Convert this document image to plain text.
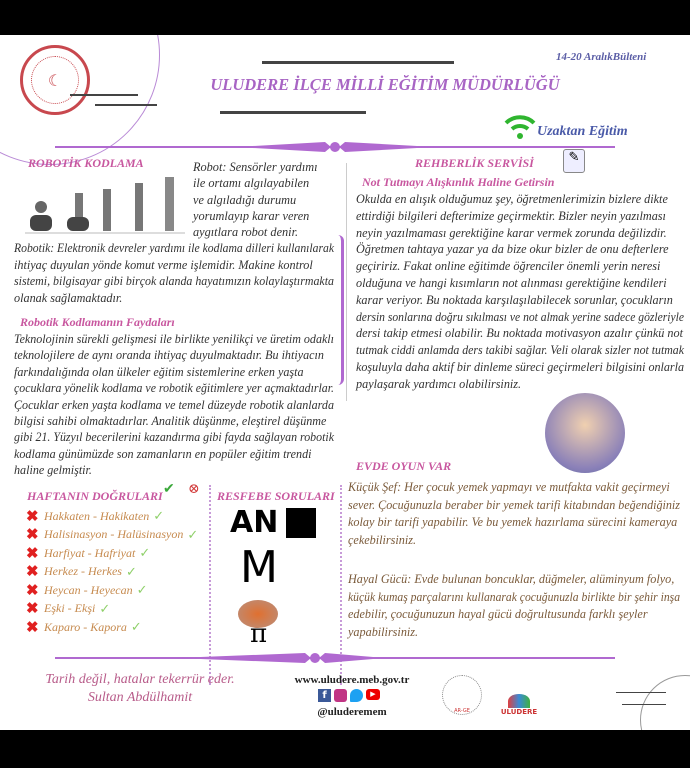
☾	ULUDERE İLÇE MİLLİ EĞİTİM MÜDÜRLÜĞÜ
14-20 AralıkBülteni
Uzaktan Eğitim
ROBOTİK KODLAMA	Robot: Sensörler yardımı
ile ortamı algılayabilen
ve algıladığı durumu
yorumlayıp karar veren
aygıtlara robot denir.
Robotik: Elektronik devreler yardımı ile kodlama dilleri kullanılarak
ihtiyaç duyulan yönde komut verme işlemidir. Makine kontrol
sistemi, bilgisayar gibi birçok alanda hayatımızın kolaylaştırmakta
olanak sağlamaktadır.
Robotik Kodlamanın Faydaları
Teknolojinin sürekli gelişmesi ile birlikte yenilikçi ve üretim odaklı
teknolojilere de aynı oranda ihtiyaç duyulmaktadır. Bu ihtiyacın
farkındalığında olan ülkeler eğitim sistemlerine erken yaşta
çocuklara yönelik kodlama ve robotik eğitimlere yer açmaktadırlar.
Çocuklar erken yaşta kodlama ve temel düzeyde robotik alanlarda
bilgisi sahibi olmaktadırlar. Analitik düşünme, eleştirel düşünme
gibi 21. Yüzyıl becerilerini kazandırma gibi fayda sağlayan robotik
kodlama günümüzde son zamanların en popüler eğitim trendi
haline gelmiştir.
HAFTANIN DOĞRULARI ✔ ⊗
✖ Hakkaten - Hakikaten ✓
✖ Halisinasyon - Halüsinasyon ✓
✖ Harfiyat - Hafriyat ✓
✖ Herkez - Herkes ✓
✖ Heycan - Heyecan ✓
✖ Eşki - Ekşi ✓
✖ Kaparo - Kapora ✓
RESFEBE SORULARI
AN
M
π
REHBERLİK SERVİSİ	✎
Not Tutmayı Alışkınlık Haline Getirsin
Okulda en alışık olduğumuz şey, öğretmenlerimizin bizlere dikte
ettirdiği bilgileri defterimize geçirmektir. Bizler neyin yazılması
neyin yazılmaması gerektiğine karar vermek zorunda değilizdir.
Öğretmen tahtaya yazar ya da bize okur bizler de onu defterlere
geçiririz. Fakat online eğitimde öğrenciler önemli yerin neresi
olduğuna ve hangi kısımların not alınması gerektiğine kendileri
karar veriyor. Bu noktada karşılaşılabilecek sorunlar, çocukların
dersin sonlarına doğru sıkılması ve not almak yerine sadece gözleriyle
dersi takip etmesi olabilir. Bu noktada motivasyon azalır çünkü not
tutmak ciddi anlamda ders takibi sağlar. Veli olarak sizler not tutmak
koşuluyla daha aktif bir dinleme süreci geçirmeleri bilgisini onlarla
paylaşarak yardımcı olabilirsiniz.
EVDE OYUN VAR
Küçük Şef: Her çocuk yemek yapmayı ve mutfakta vakit geçirmeyi
sever. Çocuğunuzla beraber bir yemek tarifi kitabından beğendiğiniz
kolay bir tarifi yapabilir. Ve bu yemek hazırlama sürecini kameraya
çekebilirsiniz.
Hayal Gücü: Evde bulunan boncuklar, düğmeler, alüminyum folyo,
küçük kumaş parçalarını kullanarak çocuğunuzla birlikte bir şehir inşa
edebilir, çocuğunuzun hayal gücü doğrultusunda farklı şeyler
yapabilirsiniz.
Tarih değil, hatalar tekerrür eder.
Sultan Abdülhamit
www.uludere.meb.gov.tr
f	▶
@uluderemem	AR-GE	ULUDERE
